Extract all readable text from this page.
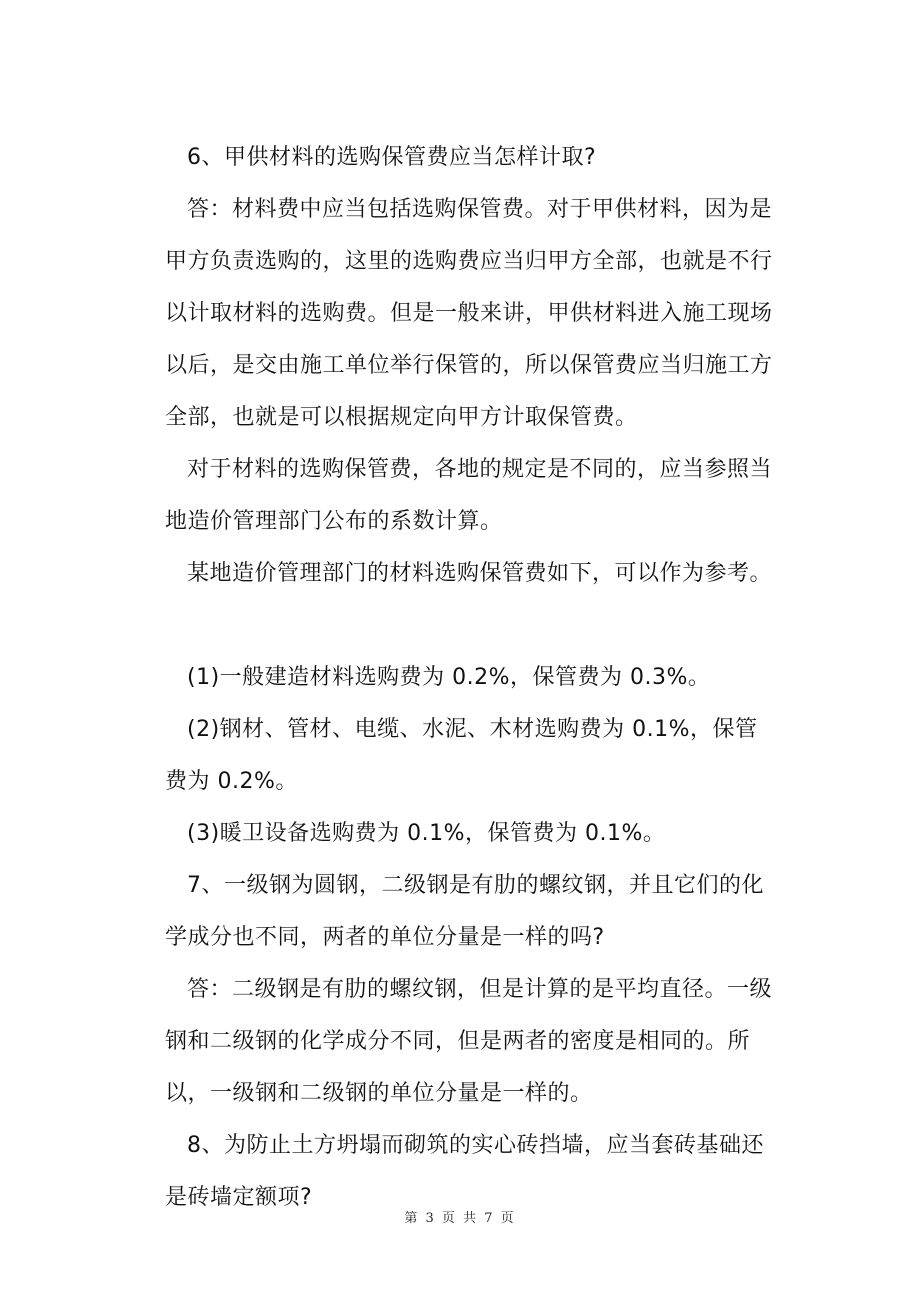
6、甲供材料的选购保管费应当怎样计取?

答：材料费中应当包括选购保管费。对于甲供材料，因为是甲方负责选购的，这里的选购费应当归甲方全部，也就是不行以计取材料的选购费。但是一般来讲，甲供材料进入施工现场以后，是交由施工单位举行保管的，所以保管费应当归施工方全部，也就是可以根据规定向甲方计取保管费。

对于材料的选购保管费，各地的规定是不同的，应当参照当地造价管理部门公布的系数计算。

某地造价管理部门的材料选购保管费如下，可以作为参考。

(1)一般建造材料选购费为 0.2%，保管费为 0.3%。

(2)钢材、管材、电缆、水泥、木材选购费为 0.1%，保管费为 0.2%。

(3)暖卫设备选购费为 0.1%，保管费为 0.1%。

7、一级钢为圆钢，二级钢是有肋的螺纹钢，并且它们的化学成分也不同，两者的单位分量是一样的吗?

答：二级钢是有肋的螺纹钢，但是计算的是平均直径。一级钢和二级钢的化学成分不同，但是两者的密度是相同的。所以，一级钢和二级钢的单位分量是一样的。

8、为防止土方坍塌而砌筑的实心砖挡墙，应当套砖基础还是砖墙定额项?

第 3 页 共 7 页
